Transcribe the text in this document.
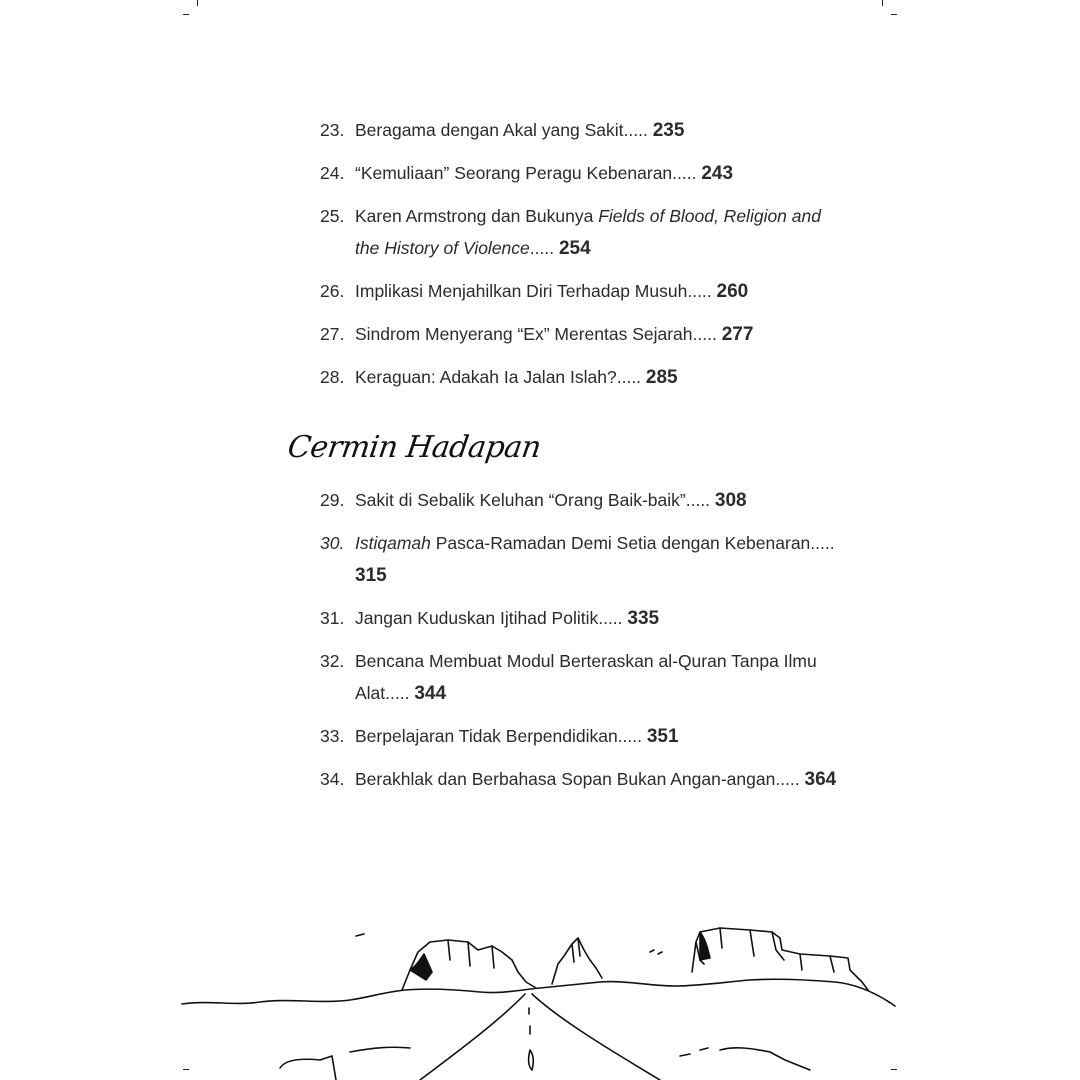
23. Beragama dengan Akal yang Sakit..... 235
24. “Kemuliaan” Seorang Peragu Kebenaran..... 243
25. Karen Armstrong dan Bukunya Fields of Blood, Religion and the History of Violence..... 254
26. Implikasi Menjahilkan Diri Terhadap Musuh..... 260
27. Sindrom Menyerang “Ex” Merentas Sejarah..... 277
28. Keraguan: Adakah Ia Jalan Islah?..... 285
Cermin Hadapan
29. Sakit di Sebalik Keluhan “Orang Baik-baik”..... 308
30. Istiqamah Pasca-Ramadan Demi Setia dengan Kebenaran..... 315
31. Jangan Kuduskan Ijtihad Politik..... 335
32. Bencana Membuat Modul Berteraskan al-Quran Tanpa Ilmu Alat..... 344
33. Berpelajaran Tidak Berpendidikan..... 351
34. Berakhlak dan Berbahasa Sopan Bukan Angan-angan..... 364
